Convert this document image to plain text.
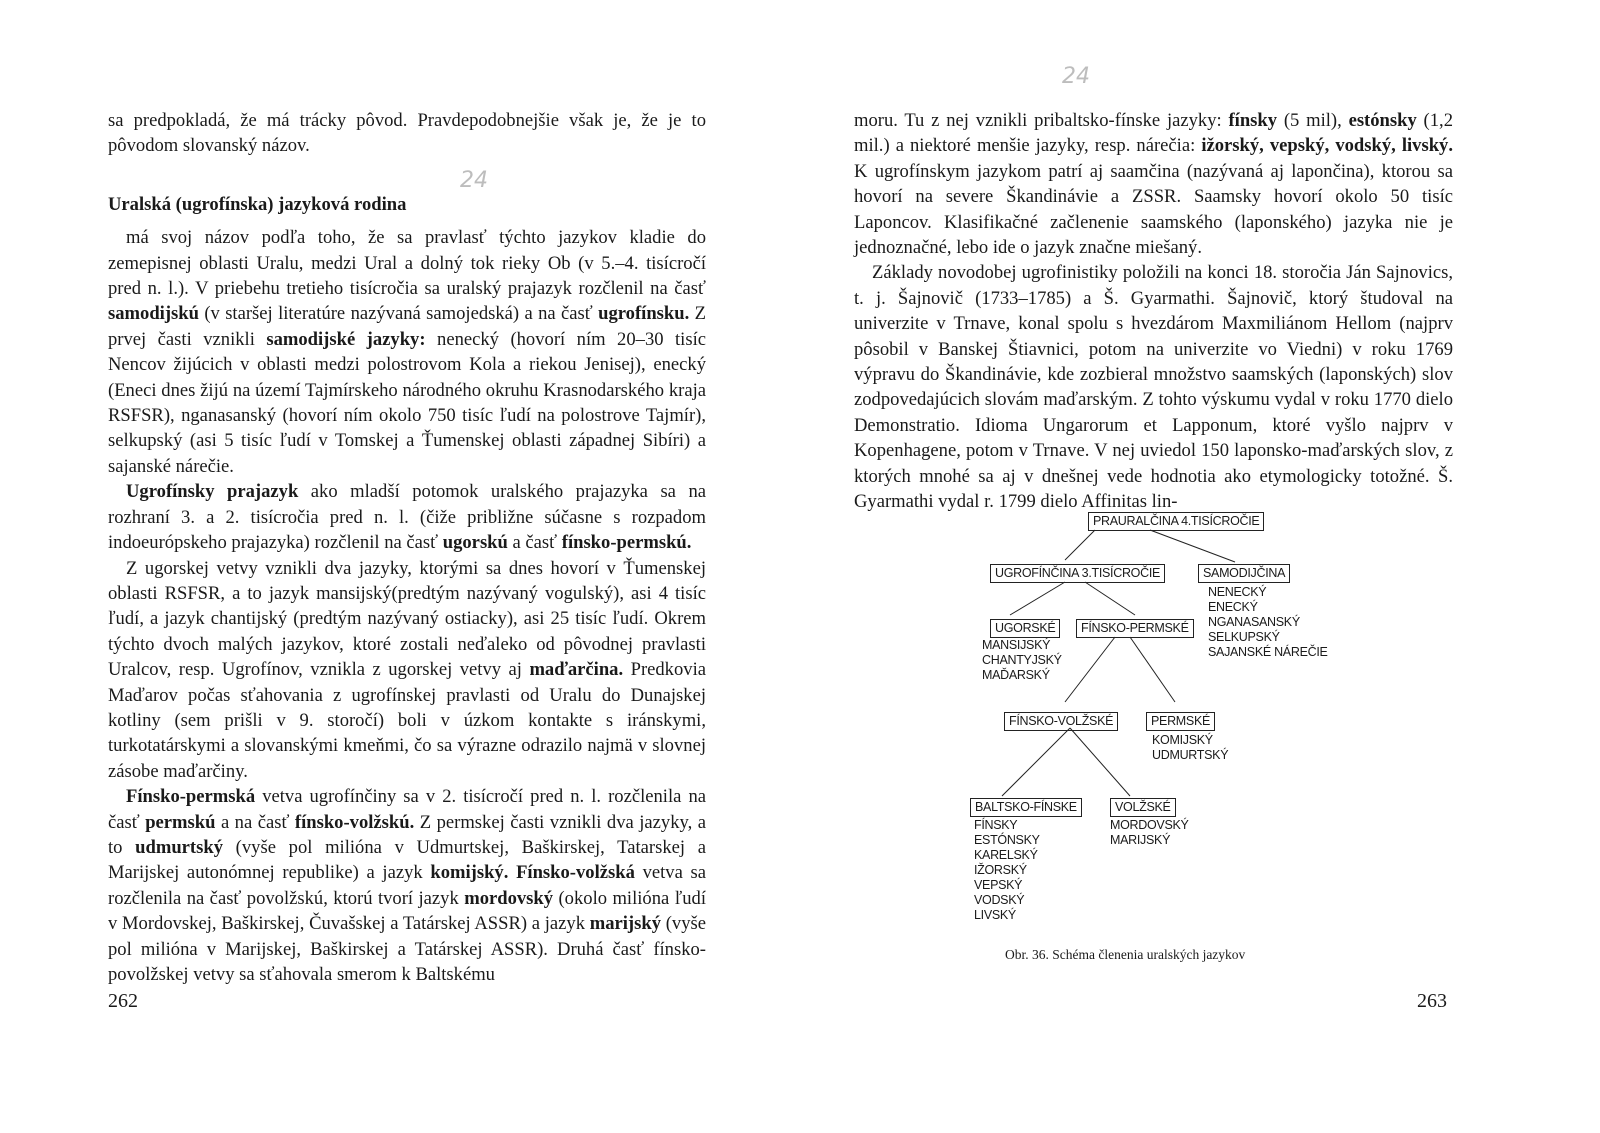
sa predpokladá, že má trácky pôvod. Pravdepodobnejšie však je, že je to pôvodom slovanský názov.

Uralská (ugrofínska) jazyková rodina

má svoj názov podľa toho, že sa pravlasť týchto jazykov kladie do zemepisnej oblasti Uralu, medzi Ural a dolný tok rieky Ob (v 5.–4. tisícročí pred n. l.). V priebehu tretieho tisícročia sa uralský prajazyk rozčlenil na časť samodijskú (v staršej literatúre nazývaná samojedská) a na časť ugrofínsku. Z prvej časti vznikli samodijské jazyky: nenecký (hovorí ním 20–30 tisíc Nencov žijúcich v oblasti medzi polostrovom Kola a riekou Jenisej), enecký (Eneci dnes žijú na území Tajmírskeho národného okruhu Krasnodarského kraja RSFSR), nganasanský (hovorí ním okolo 750 tisíc ľudí na polostrove Tajmír), selkupský (asi 5 tisíc ľudí v Tomskej a Ťumenskej oblasti západnej Sibíri) a sajanské nárečie.

Ugrofínsky prajazyk ako mladší potomok uralského prajazyka sa na rozhraní 3. a 2. tisícročia pred n. l. (čiže približne súčasne s rozpadom indoeurópskeho prajazyka) rozčlenil na časť ugorskú a časť fínsko-permskú.

Z ugorskej vetvy vznikli dva jazyky, ktorými sa dnes hovorí v Ťumenskej oblasti RSFSR, a to jazyk mansijský(predtým nazývaný vogulský), asi 4 tisíc ľudí, a jazyk chantijský (predtým nazývaný ostiacky), asi 25 tisíc ľudí. Okrem týchto dvoch malých jazykov, ktoré zostali neďaleko od pôvodnej pravlasti Uralcov, resp. Ugrofínov, vznikla z ugorskej vetvy aj maďarčina. Predkovia Maďarov počas sťahovania z ugrofínskej pravlasti od Uralu do Dunajskej kotliny (sem prišli v 9. storočí) boli v úzkom kontakte s iránskymi, turkotatárskymi a slovanskými kmeňmi, čo sa výrazne odrazilo najmä v slovnej zásobe maďarčiny.

Fínsko-permská vetva ugrofínčiny sa v 2. tisícročí pred n. l. rozčlenila na časť permskú a na časť fínsko-volžskú. Z permskej časti vznikli dva jazyky, a to udmurtský (vyše pol milióna v Udmurtskej, Baškirskej, Tatarskej a Marijskej autonómnej republike) a jazyk komijský. Fínsko-volžská vetva sa rozčlenila na časť povolžskú, ktorú tvorí jazyk mordovský (okolo milióna ľudí v Mordovskej, Baškirskej, Čuvašskej a Tatárskej ASSR) a jazyk marijský (vyše pol milióna v Marijskej, Baškirskej a Tatárskej ASSR). Druhá časť fínsko-povolžskej vetvy sa sťahovala smerom k Baltskému

24
262
24

moru. Tu z nej vznikli pribaltsko-fínske jazyky: fínsky (5 mil), estónsky (1,2 mil.) a niektoré menšie jazyky, resp. nárečia: ižorský, vepský, vodský, livský. K ugrofínskym jazykom patrí aj saamčina (nazývaná aj lapončina), ktorou sa hovorí na severe Škandinávie a ZSSR. Saamsky hovorí okolo 50 tisíc Laponcov. Klasifikačné začlenenie saamského (laponského) jazyka nie je jednoznačné, lebo ide o jazyk značne miešaný.

Základy novodobej ugrofinistiky položili na konci 18. storočia Ján Sajnovics, t. j. Šajnovič (1733–1785) a Š. Gyarmathi. Šajnovič, ktorý študoval na univerzite v Trnave, konal spolu s hvezdárom Maxmiliánom Hellom (najprv pôsobil v Banskej Štiavnici, potom na univerzite vo Viedni) v roku 1769 výpravu do Škandinávie, kde zozbieral množstvo saamských (laponských) slov zodpovedajúcich slovám maďarským. Z tohto výskumu vydal v roku 1770 dielo Demonstratio. Idioma Ungarorum et Lapponum, ktoré vyšlo najprv v Kopenhagene, potom v Trnave. V nej uviedol 150 laponsko-maďarských slov, z ktorých mnohé sa aj v dnešnej vede hodnotia ako etymologicky totožné. Š. Gyarmathi vydal r. 1799 dielo Affinitas lin-

PRAURALČINA 4.TISÍCROČIE
UGROFÍNČINA 3.TISÍCROČIE	SAMODIJČINA
NENECKÝ
ENECKÝ
NGANASANSKÝ
SELKUPSKÝ
SAJANSKÉ NÁREČIE
UGORSKÉ	FÍNSKO-PERMSKÉ
MANSIJSKÝ
CHANTYJSKÝ
MAĎARSKÝ
FÍNSKO-VOLŽSKÉ	PERMSKÉ
KOMIJSKÝ
UDMURTSKÝ
BALTSKO-FÍNSKE	VOLŽSKÉ
FÍNSKY
ESTÓNSKY
KARELSKÝ
IŽORSKÝ
VEPSKÝ
VODSKÝ
LIVSKÝ
MORDOVSKÝ
MARIJSKÝ
Obr. 36. Schéma členenia uralských jazykov
263
